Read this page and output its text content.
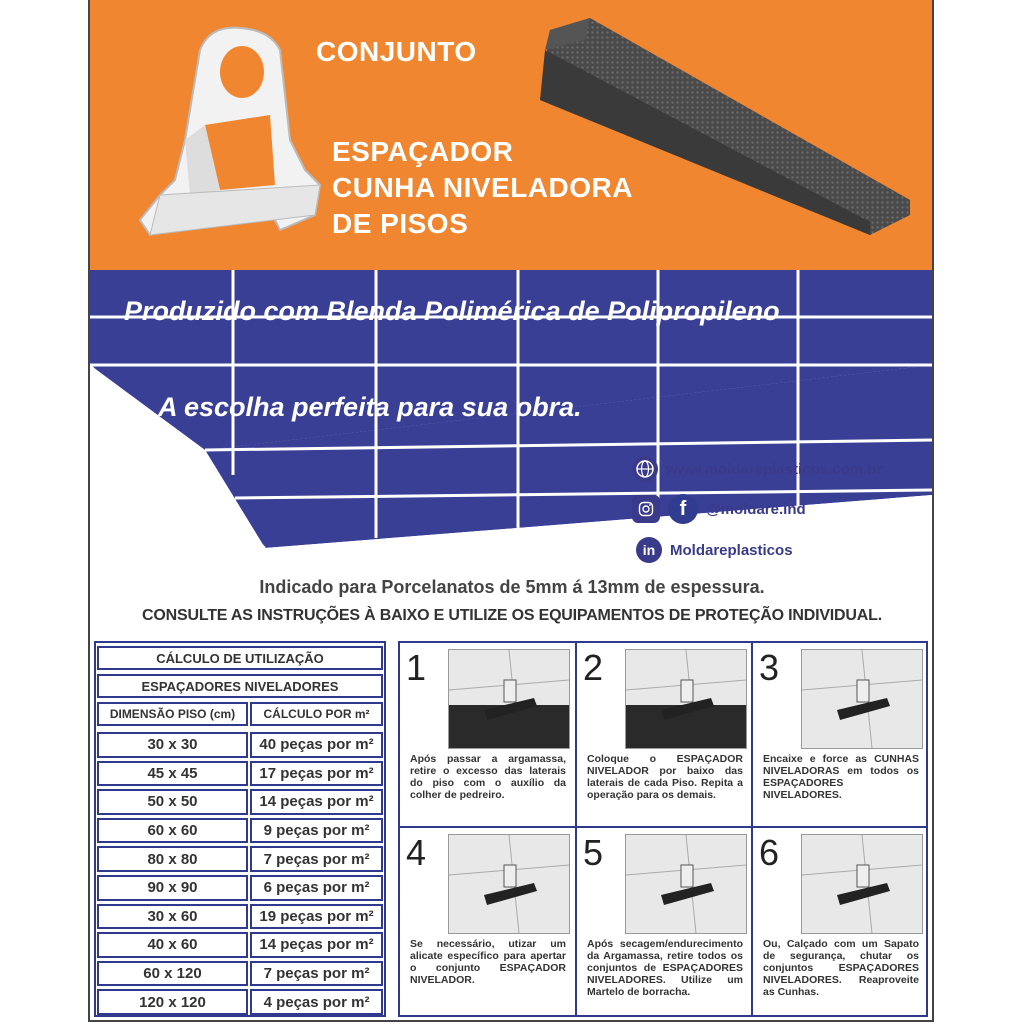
CONJUNTO
ESPAÇADOR
CUNHA NIVELADORA
DE PISOS
Produzido com Blenda Polimérica de Polipropileno
A escolha perfeita para sua obra.
www.moldareplasticos.com.br
f	@moldare.ind
in Moldareplasticos
Indicado para Porcelanatos de 5mm á 13mm de espessura.
CONSULTE AS INSTRUÇÕES À BAIXO E UTILIZE OS EQUIPAMENTOS DE PROTEÇÃO INDIVIDUAL.
CÁLCULO DE UTILIZAÇÃO
ESPAÇADORES NIVELADORES
DIMENSÃO PISO (cm)	CÁLCULO POR m²
30 x 30	40 peças por m²
45 x 45	17 peças por m²
50 x 50	14 peças por m²
60 x 60	9 peças por m²
80 x 80	7 peças por m²
90 x 90	6 peças por m²
30 x 60	19 peças por m²
40 x 60	14 peças por m²
60 x 120	7 peças por m²
120 x 120	4 peças por m²
1
Após passar a argamassa, retire o excesso das laterais do piso com o auxílio da colher de pedreiro.
2
Coloque o ESPAÇADOR NIVELADOR por baixo das laterais de cada Piso. Repita a operação para os demais.
3
Encaixe e force as CUNHAS NIVELADORAS em todos os ESPAÇADORES NIVELADORES.
4
Se necessário, utizar um alicate específico para apertar o conjunto ESPAÇADOR NIVELADOR.
5
Após secagem/endurecimento da Argamassa, retire todos os conjuntos de ESPAÇADORES NIVELADORES. Utilize um Martelo de borracha.
6
Ou, Calçado com um Sapato de segurança, chutar os conjuntos ESPAÇADORES NIVELADORES. Reaproveite as Cunhas.
